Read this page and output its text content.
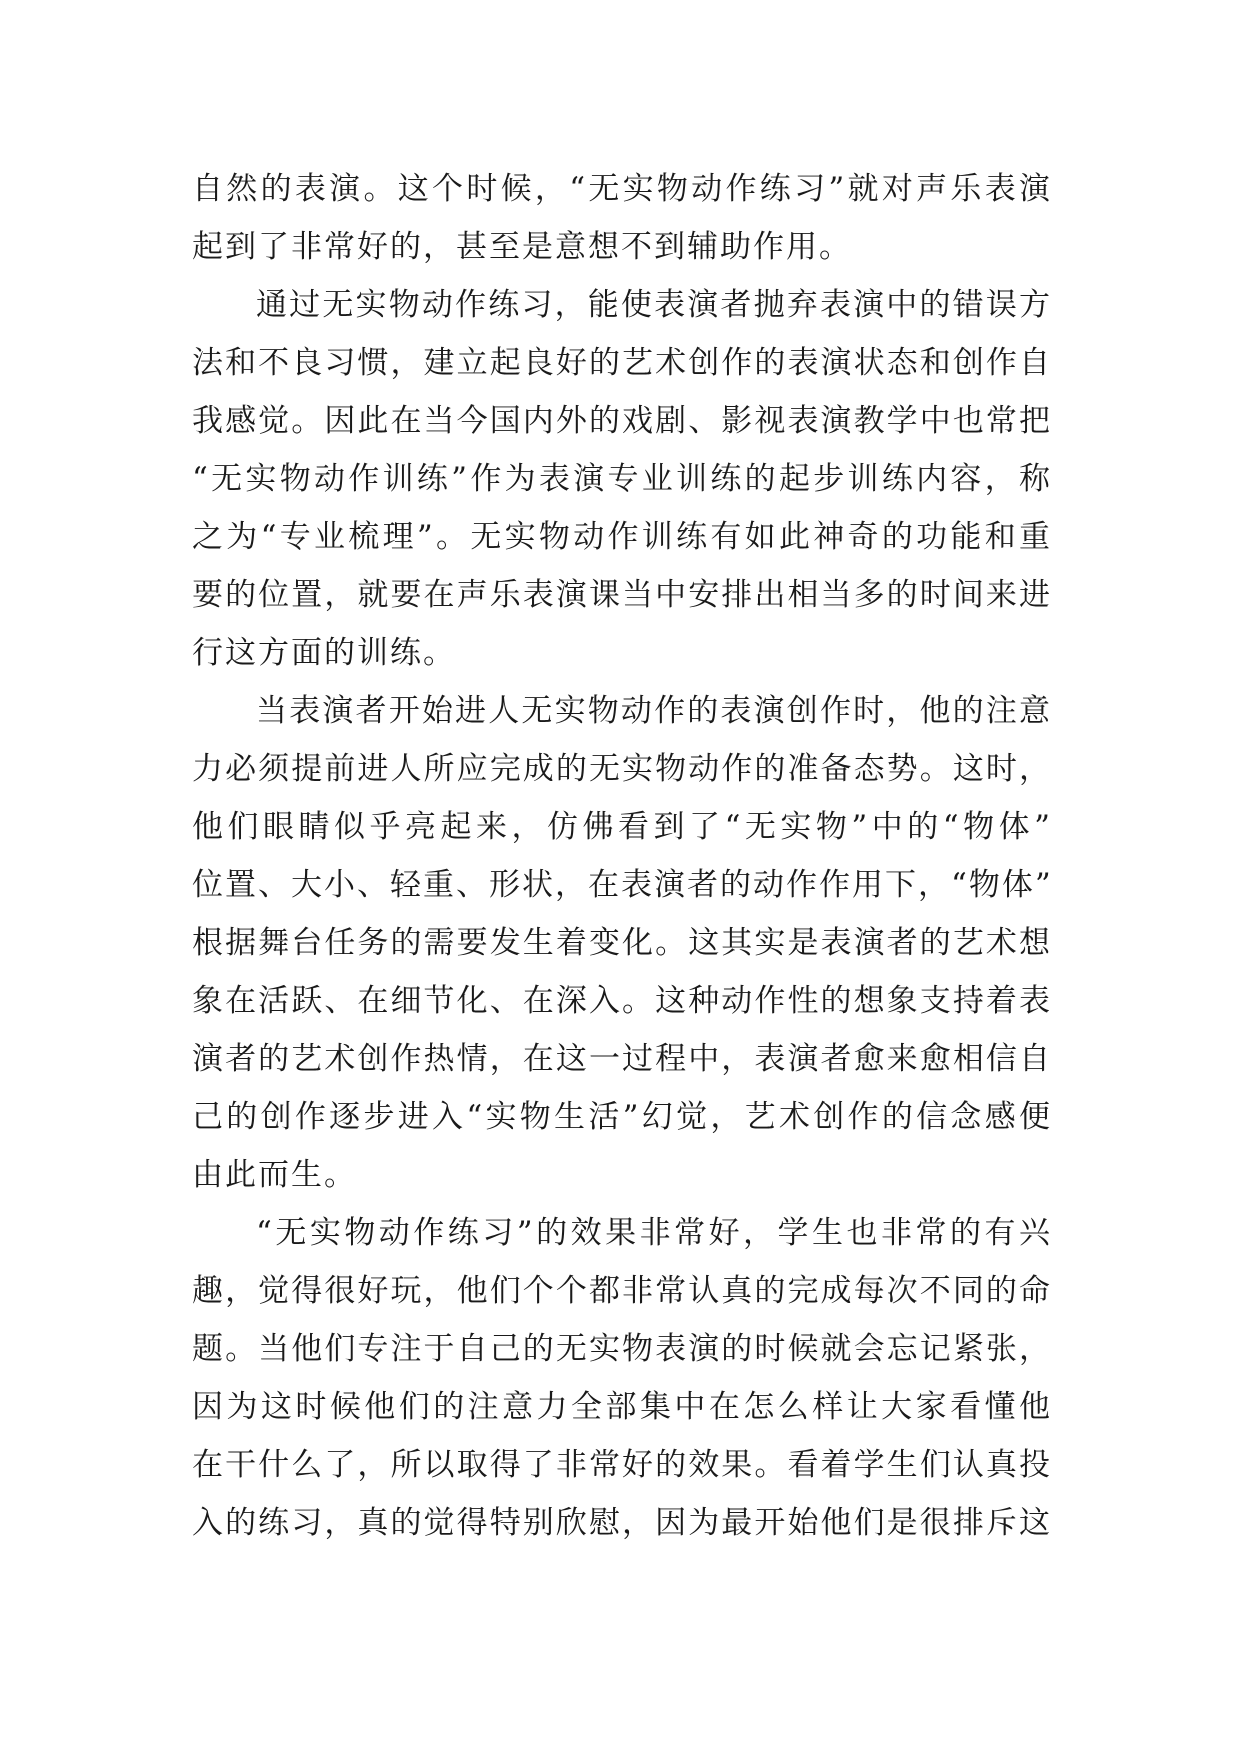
自然的表演。这个时候，“无实物动作练习”就对声乐表演
起到了非常好的，甚至是意想不到辅助作用。
通过无实物动作练习，能使表演者抛弃表演中的错误方
法和不良习惯，建立起良好的艺术创作的表演状态和创作自
我感觉。因此在当今国内外的戏剧、影视表演教学中也常把
“无实物动作训练”作为表演专业训练的起步训练内容，称
之为“专业梳理”。无实物动作训练有如此神奇的功能和重
要的位置，就要在声乐表演课当中安排出相当多的时间来进
行这方面的训练。
当表演者开始进人无实物动作的表演创作时，他的注意
力必须提前进人所应完成的无实物动作的准备态势。这时，
他们眼睛似乎亮起来，仿佛看到了“无实物”中的“物体”
位置、大小、轻重、形状，在表演者的动作作用下，“物体”
根据舞台任务的需要发生着变化。这其实是表演者的艺术想
象在活跃、在细节化、在深入。这种动作性的想象支持着表
演者的艺术创作热情，在这一过程中，表演者愈来愈相信自
己的创作逐步进入“实物生活”幻觉，艺术创作的信念感便
由此而生。
“无实物动作练习”的效果非常好，学生也非常的有兴
趣，觉得很好玩，他们个个都非常认真的完成每次不同的命
题。当他们专注于自己的无实物表演的时候就会忘记紧张，
因为这时候他们的注意力全部集中在怎么样让大家看懂他
在干什么了，所以取得了非常好的效果。看着学生们认真投
入的练习，真的觉得特别欣慰，因为最开始他们是很排斥这
